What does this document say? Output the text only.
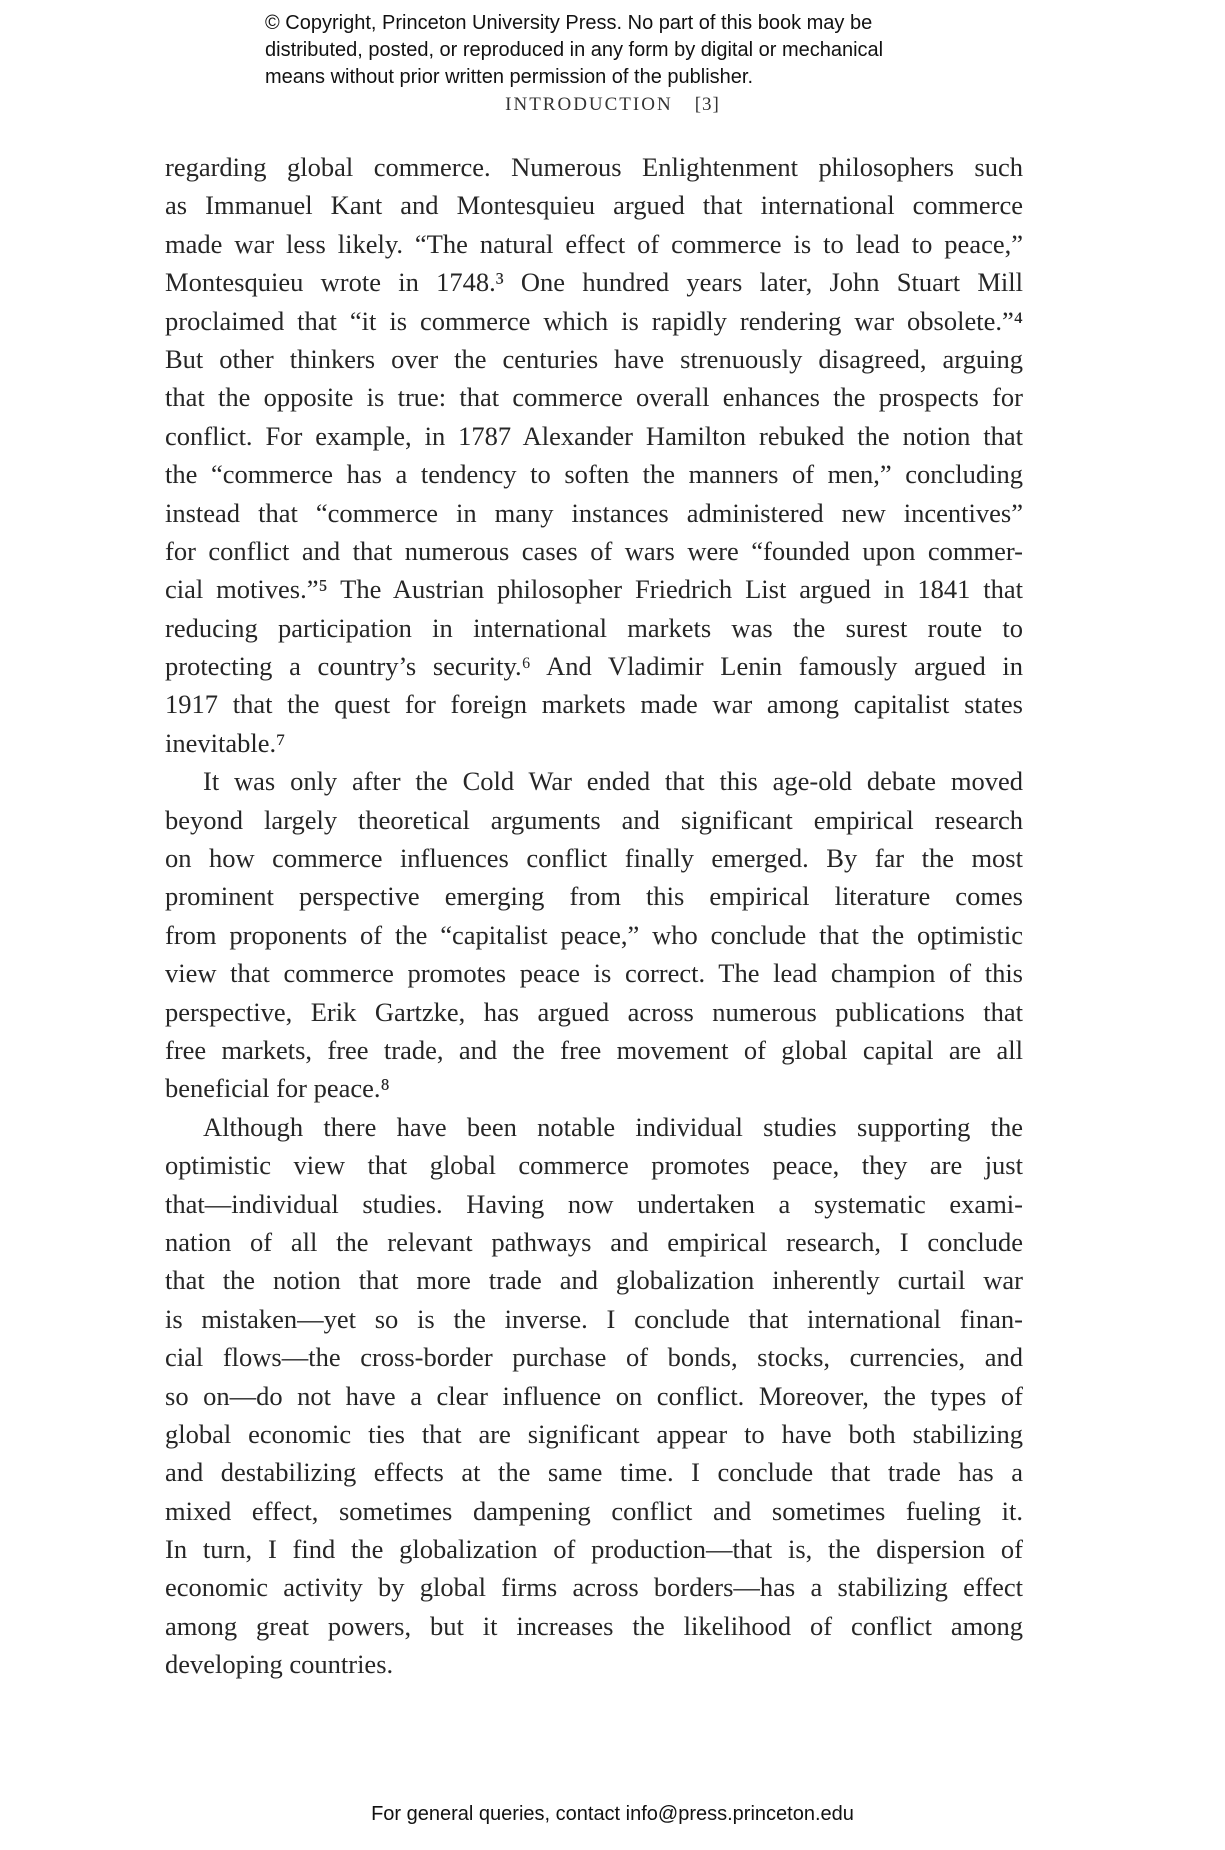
© Copyright, Princeton University Press. No part of this book may be
distributed, posted, or reproduced in any form by digital or mechanical
means without prior written permission of the publisher.
INTRODUCTION [3]
regarding global commerce. Numerous Enlightenment philosophers such
as Immanuel Kant and Montesquieu argued that international commerce
made war less likely. “The natural effect of commerce is to lead to peace,”
Montesquieu wrote in 1748.³ One hundred years later, John Stuart Mill
proclaimed that “it is commerce which is rapidly rendering war obsolete.”⁴
But other thinkers over the centuries have strenuously disagreed, arguing
that the opposite is true: that commerce overall enhances the prospects for
conflict. For example, in 1787 Alexander Hamilton rebuked the notion that
the “commerce has a tendency to soften the manners of men,” concluding
instead that “commerce in many instances administered new incentives”
for conflict and that numerous cases of wars were “founded upon commer-
cial motives.”⁵ The Austrian philosopher Friedrich List argued in 1841 that
reducing participation in international markets was the surest route to
protecting a country’s security.⁶ And Vladimir Lenin famously argued in
1917 that the quest for foreign markets made war among capitalist states
inevitable.⁷
It was only after the Cold War ended that this age-old debate moved
beyond largely theoretical arguments and significant empirical research
on how commerce influences conflict finally emerged. By far the most
prominent perspective emerging from this empirical literature comes
from proponents of the “capitalist peace,” who conclude that the optimistic
view that commerce promotes peace is correct. The lead champion of this
perspective, Erik Gartzke, has argued across numerous publications that
free markets, free trade, and the free movement of global capital are all
beneficial for peace.⁸
Although there have been notable individual studies supporting the
optimistic view that global commerce promotes peace, they are just
that—individual studies. Having now undertaken a systematic exami-
nation of all the relevant pathways and empirical research, I conclude
that the notion that more trade and globalization inherently curtail war
is mistaken—yet so is the inverse. I conclude that international finan-
cial flows—the cross-border purchase of bonds, stocks, currencies, and
so on—do not have a clear influence on conflict. Moreover, the types of
global economic ties that are significant appear to have both stabilizing
and destabilizing effects at the same time. I conclude that trade has a
mixed effect, sometimes dampening conflict and sometimes fueling it.
In turn, I find the globalization of production—that is, the dispersion of
economic activity by global firms across borders—has a stabilizing effect
among great powers, but it increases the likelihood of conflict among
developing countries.
For general queries, contact info@press.princeton.edu
